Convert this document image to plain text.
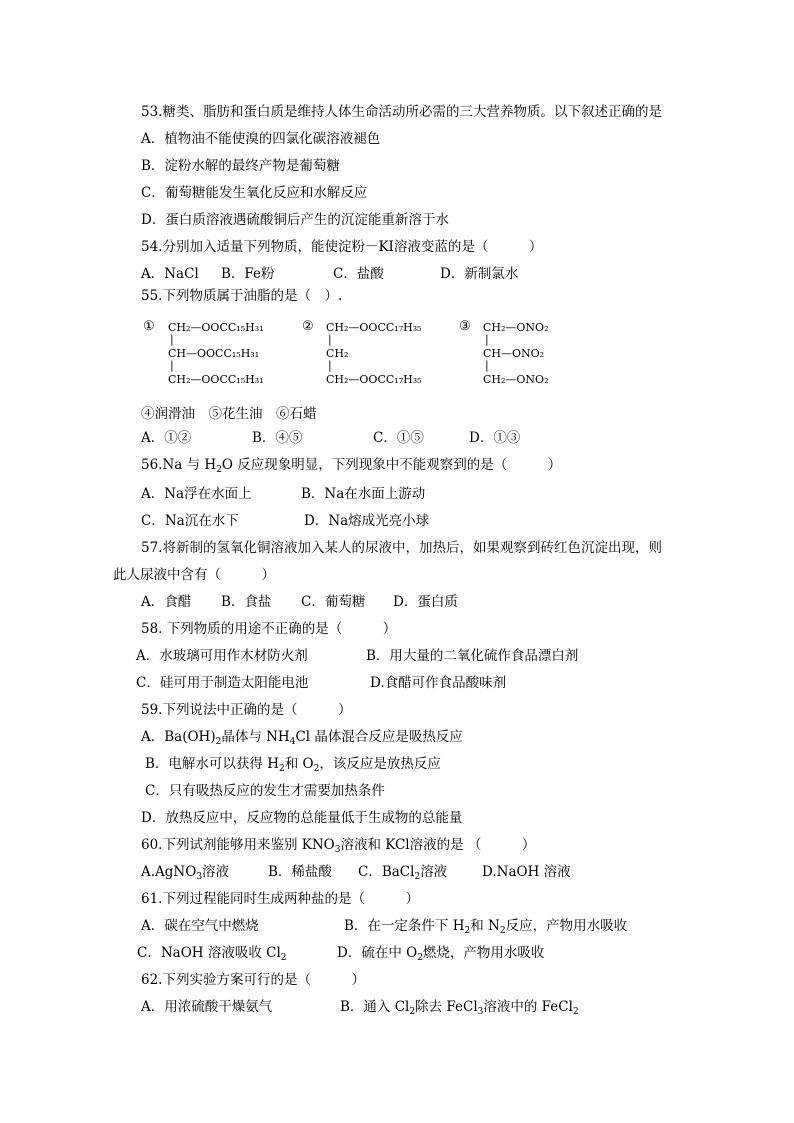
53.糖类、脂肪和蛋白质是维持人体生命活动所必需的三大营养物质。以下叙述正确的是
A．植物油不能使溴的四氯化碳溶液褪色
B．淀粉水解的最终产物是葡萄糖
C．葡萄糖能发生氧化反应和水解反应
D．蛋白质溶液遇硫酸铜后产生的沉淀能重新溶于水
54.分别加入适量下列物质，能使淀粉－KI溶液变蓝的是（　　　）
A．NaCl B．Fe粉	C．盐酸	D．新制氯水
55.下列物质属于油脂的是（　）.
① CH₂—OOCC₁₅H₃₁
|
CH—OOCC₁₅H₃₁
|
CH₂—OOCC₁₅H₃₁
② CH₂—OOCC₁₇H₃₅
|
CH₂
|
CH₂—OOCC₁₇H₃₅
③ CH₂—ONO₂
|
CH—ONO₂
|
CH₂—ONO₂
④润滑油　⑤花生油　⑥石蜡
A．①②	B．④⑤	C．①⑤	D．①③
56.Na 与 $H_2O$ 反应现象明显，下列现象中不能观察到的是（　　　）
A．Na浮在水面上	B．Na在水面上游动
C．Na沉在水下	D．Na熔成光亮小球
57.将新制的氢氧化铜溶液加入某人的尿液中，加热后，如果观察到砖红色沉淀出现，则
此人尿液中含有（　　　）
A．食醋 B．食盐 C．葡萄糖 D．蛋白质
58. 下列物质的用途不正确的是（　　　）
A．水玻璃可用作木材防火剂	B．用大量的二氧化硫作食品漂白剂
C．硅可用于制造太阳能电池	D.食醋可作食品酸味剂
59.下列说法中正确的是（　　　）
A．$Ba(OH)_2$晶体与 $NH_4Cl$ 晶体混合反应是吸热反应
B．电解水可以获得 $H_2$和 $O_2$，该反应是放热反应
C．只有吸热反应的发生才需要加热条件
D．放热反应中，反应物的总能量低于生成物的总能量
60.下列试剂能够用来鉴别 $KNO_3$溶液和 KCl溶液的是 （　　　）
A.AgNO$_3$溶液	B．稀盐酸 C．BaCl$_2$溶液	D.NaOH 溶液
61.下列过程能同时生成两种盐的是（　　　）
A．碳在空气中燃烧	B．在一定条件下 $H_2$和 $N_2$反应，产物用水吸收
C．NaOH 溶液吸收 $Cl_2$	D．硫在中 $O_2$燃烧，产物用水吸收
62.下列实验方案可行的是（　　　）
A．用浓硫酸干燥氨气	B．通入 $Cl_2$除去 FeCl$_3$溶液中的 FeCl$_2$
